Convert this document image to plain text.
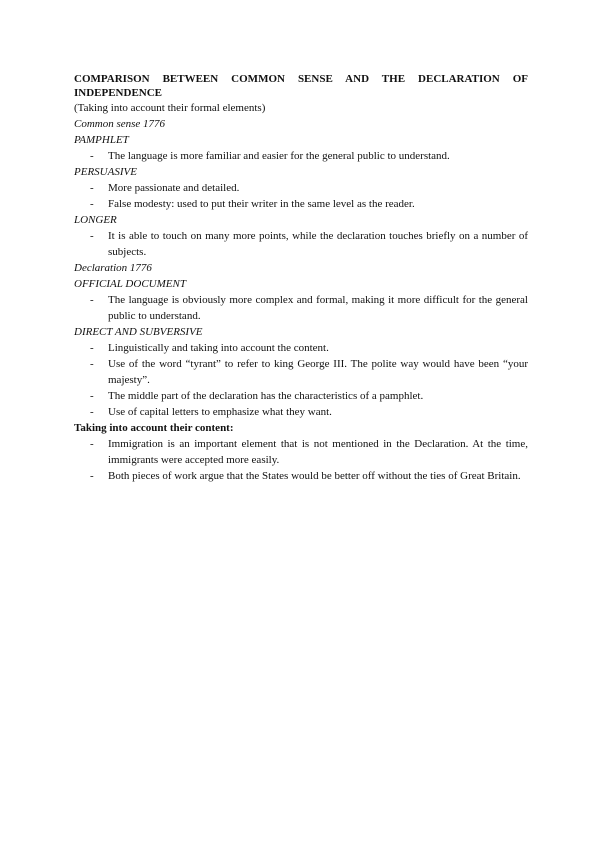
COMPARISON BETWEEN COMMON SENSE AND THE DECLARATION OF INDEPENDENCE

(Taking into account their formal elements)

Common sense 1776

PAMPHLET

- The language is more familiar and easier for the general public to understand.

PERSUASIVE

- More passionate and detailed.
- False modesty: used to put their writer in the same level as the reader.

LONGER

- It is able to touch on many more points, while the declaration touches briefly on a number of subjects.

Declaration 1776

OFFICIAL DOCUMENT

- The language is obviously more complex and formal, making it more difficult for the general public to understand.

DIRECT AND SUBVERSIVE

- Linguistically and taking into account the content.
- Use of the word “tyrant” to refer to king George III. The polite way would have been “your majesty”.
- The middle part of the declaration has the characteristics of a pamphlet.
- Use of capital letters to emphasize what they want.

Taking into account their content:

- Immigration is an important element that is not mentioned in the Declaration. At the time, immigrants were accepted more easily.
- Both pieces of work argue that the States would be better off without the ties of Great Britain.
